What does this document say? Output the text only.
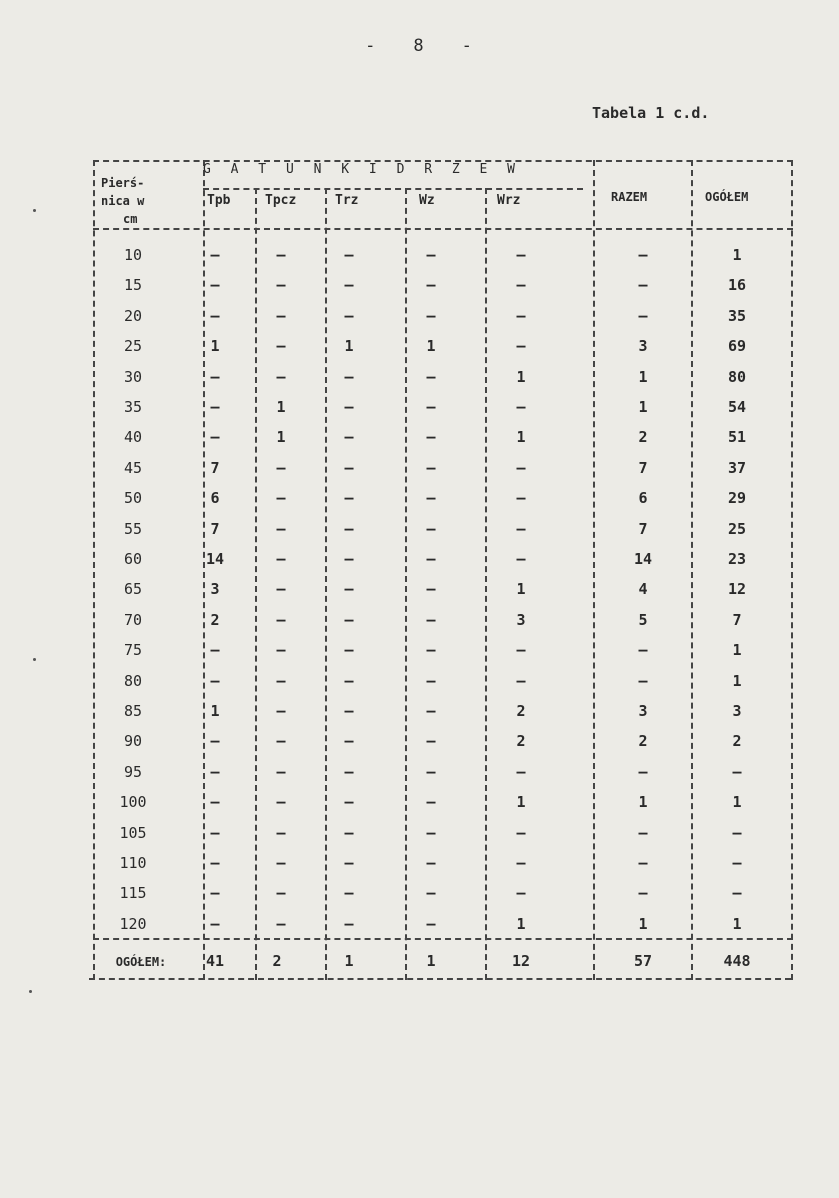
- 8 -
Tabela 1 c.d.
Pierś-
nica w
cm
G A T U N K I D R Z E W
Tpb	Tpcz	Trz	Wz	Wrz	RAZEM	OGÓŁEM
10	–	–	–	–	–	–	1
15	–	–	–	–	–	–	16
20	–	–	–	–	–	–	35
25	1	–	1	1	–	3	69
30	–	–	–	–	1	1	80
35	–	1	–	–	–	1	54
40	–	1	–	–	1	2	51
45	7	–	–	–	–	7	37
50	6	–	–	–	–	6	29
55	7	–	–	–	–	7	25
60	14	–	–	–	–	14	23
65	3	–	–	–	1	4	12
70	2	–	–	–	3	5	7
75	–	–	–	–	–	–	1
80	–	–	–	–	–	–	1
85	1	–	–	–	2	3	3
90	–	–	–	–	2	2	2
95	–	–	–	–	–	–	–
100	–	–	–	–	1	1	1
105	–	–	–	–	–	–	–
110	–	–	–	–	–	–	–
115	–	–	–	–	–	–	–
120	–	–	–	–	1	1	1
OGÓŁEM:	41	2	1	1	12	57	448
